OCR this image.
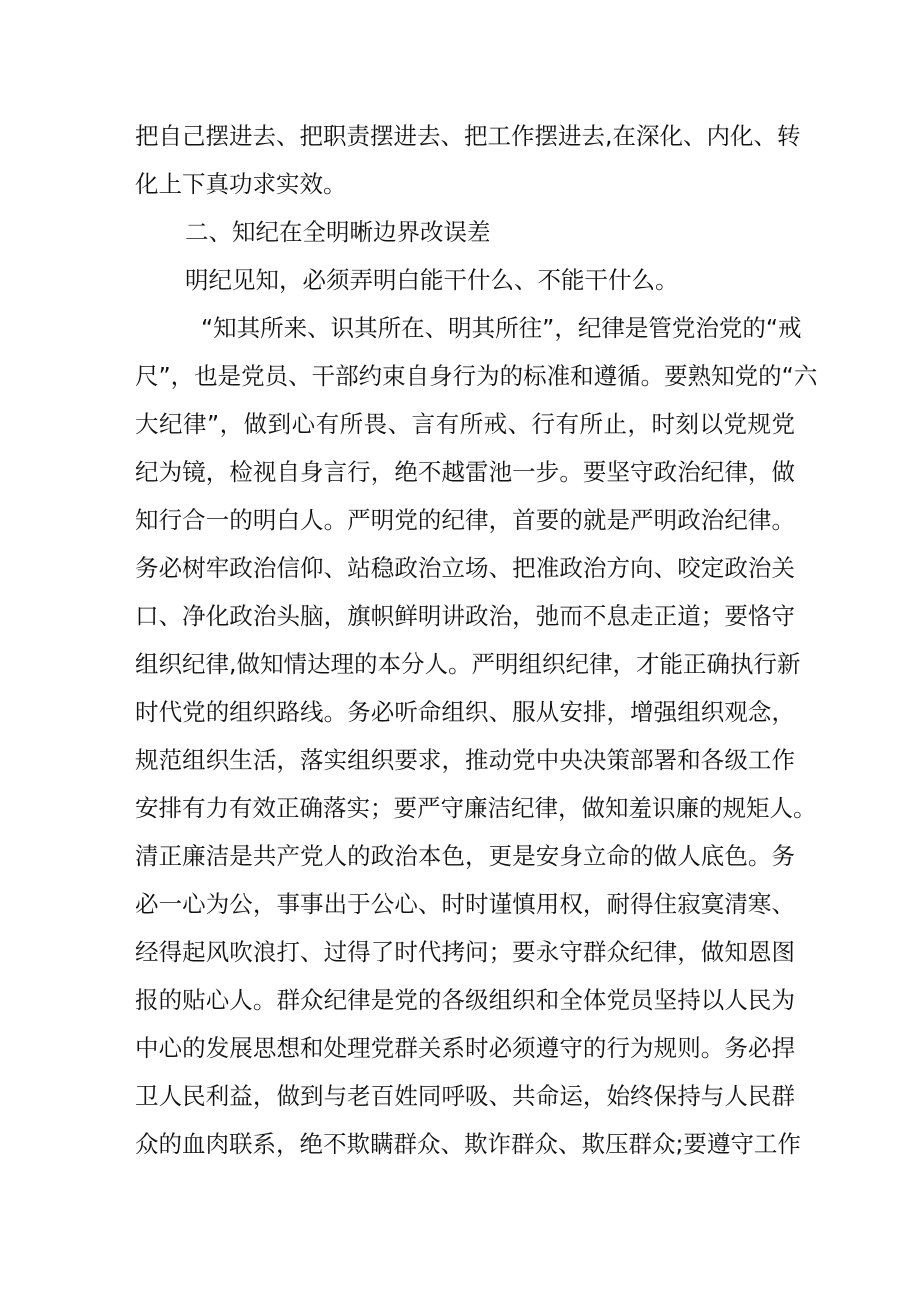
把自己摆进去、把职责摆进去、把工作摆进去,在深化、内化、转
化上下真功求实效。
二、知纪在全明晰边界改误差
明纪见知，必须弄明白能干什么、不能干什么。
“知其所来、识其所在、明其所往”，纪律是管党治党的“戒
尺”，也是党员、干部约束自身行为的标准和遵循。要熟知党的“六
大纪律”，做到心有所畏、言有所戒、行有所止，时刻以党规党
纪为镜，检视自身言行，绝不越雷池一步。要坚守政治纪律，做
知行合一的明白人。严明党的纪律，首要的就是严明政治纪律。
务必树牢政治信仰、站稳政治立场、把准政治方向、咬定政治关
口、净化政治头脑，旗帜鲜明讲政治，弛而不息走正道；要恪守
组织纪律,做知情达理的本分人。严明组织纪律，才能正确执行新
时代党的组织路线。务必听命组织、服从安排，增强组织观念，
规范组织生活，落实组织要求，推动党中央决策部署和各级工作
安排有力有效正确落实；要严守廉洁纪律，做知羞识廉的规矩人。
清正廉洁是共产党人的政治本色，更是安身立命的做人底色。务
必一心为公，事事出于公心、时时谨慎用权，耐得住寂寞清寒、
经得起风吹浪打、过得了时代拷问；要永守群众纪律，做知恩图
报的贴心人。群众纪律是党的各级组织和全体党员坚持以人民为
中心的发展思想和处理党群关系时必须遵守的行为规则。务必捍
卫人民利益，做到与老百姓同呼吸、共命运，始终保持与人民群
众的血肉联系，绝不欺瞒群众、欺诈群众、欺压群众;要遵守工作
